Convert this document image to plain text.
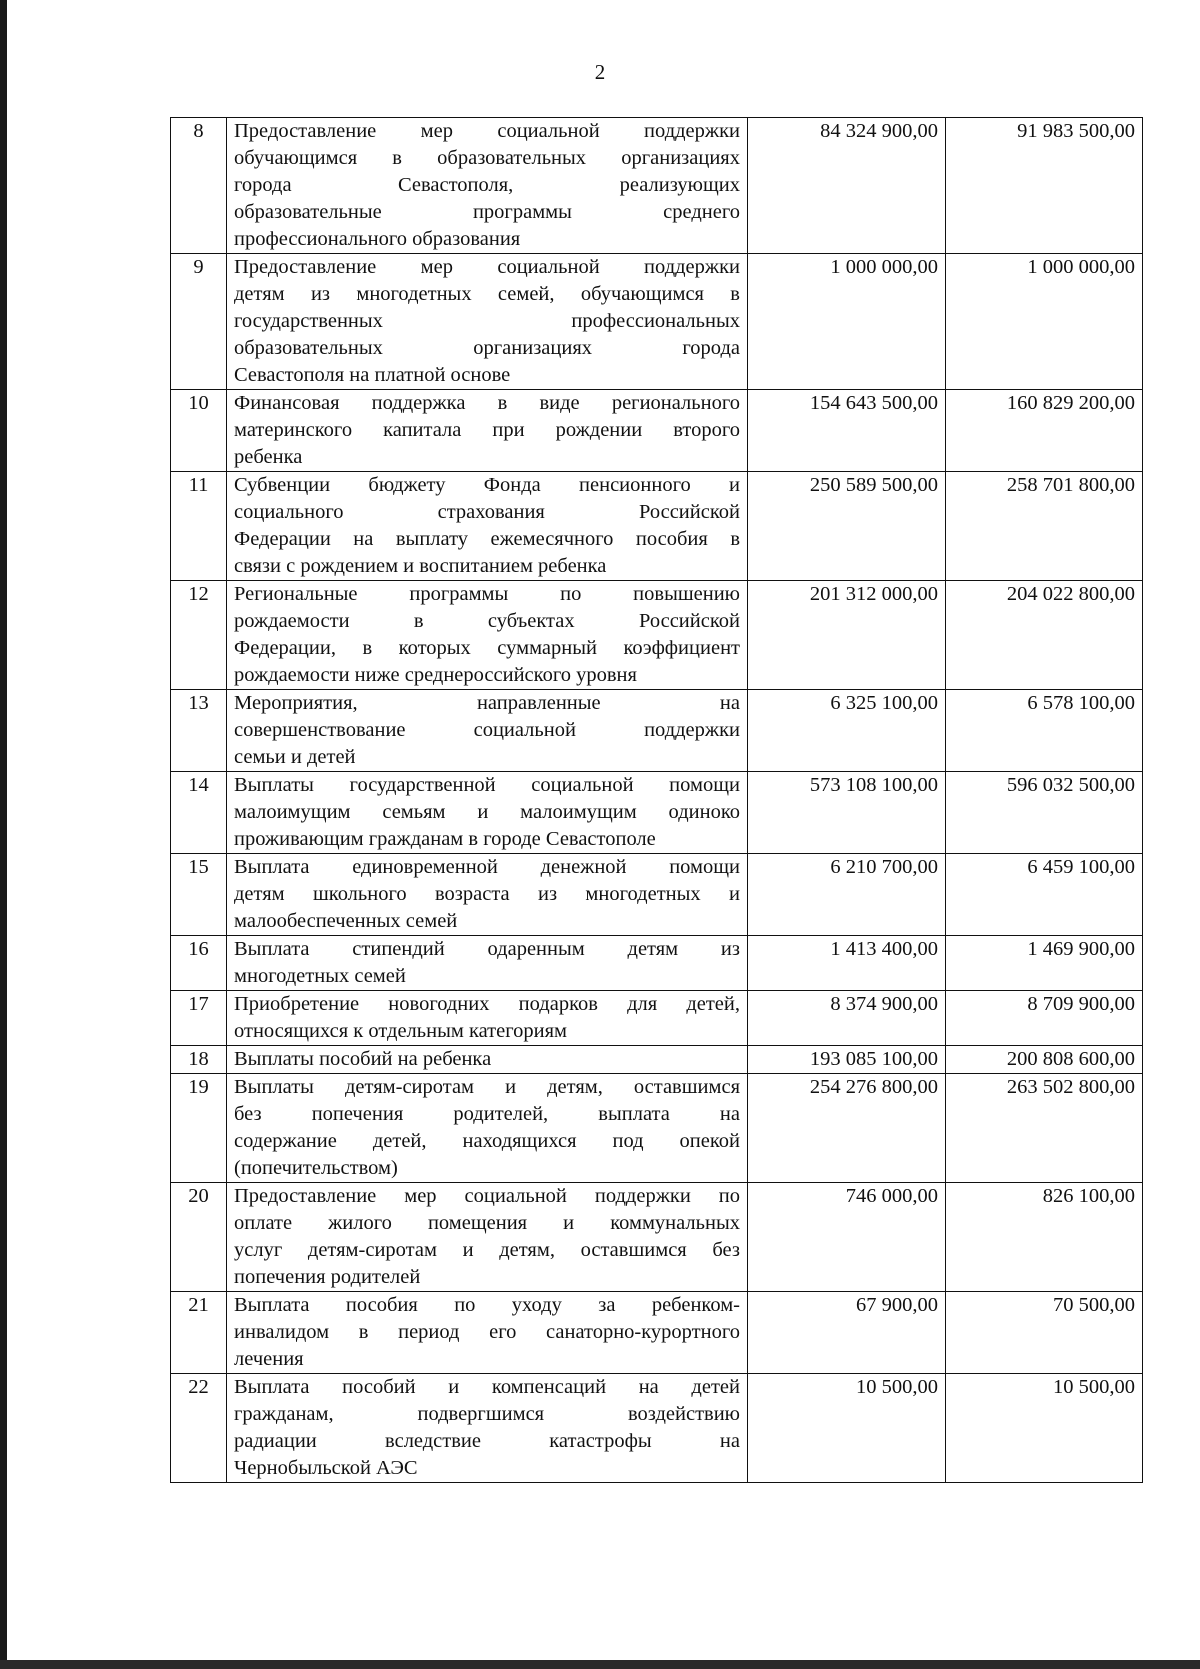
2
8	Предоставление мер социальной поддержки
обучающимся в образовательных организациях
города Севастополя, реализующих
образовательные программы среднего
профессионального образования	84 324 900,00	91 983 500,00
9	Предоставление мер социальной поддержки
детям из многодетных семей, обучающимся в
государственных профессиональных
образовательных организациях города
Севастополя на платной основе	1 000 000,00	1 000 000,00
10	Финансовая поддержка в виде регионального
материнского капитала при рождении второго
ребенка	154 643 500,00	160 829 200,00
11	Субвенции бюджету Фонда пенсионного и
социального страхования Российской
Федерации на выплату ежемесячного пособия в
связи с рождением и воспитанием ребенка	250 589 500,00	258 701 800,00
12	Региональные программы по повышению
рождаемости в субъектах Российской
Федерации, в которых суммарный коэффициент
рождаемости ниже среднероссийского уровня	201 312 000,00	204 022 800,00
13	Мероприятия, направленные на
совершенствование социальной поддержки
семьи и детей	6 325 100,00	6 578 100,00
14	Выплаты государственной социальной помощи
малоимущим семьям и малоимущим одиноко
проживающим гражданам в городе Севастополе	573 108 100,00	596 032 500,00
15	Выплата единовременной денежной помощи
детям школьного возраста из многодетных и
малообеспеченных семей	6 210 700,00	6 459 100,00
16	Выплата стипендий одаренным детям из
многодетных семей	1 413 400,00	1 469 900,00
17	Приобретение новогодних подарков для детей,
относящихся к отдельным категориям	8 374 900,00	8 709 900,00
18	Выплаты пособий на ребенка	193 085 100,00	200 808 600,00
19	Выплаты детям-сиротам и детям, оставшимся
без попечения родителей, выплата на
содержание детей, находящихся под опекой
(попечительством)	254 276 800,00	263 502 800,00
20	Предоставление мер социальной поддержки по
оплате жилого помещения и коммунальных
услуг детям-сиротам и детям, оставшимся без
попечения родителей	746 000,00	826 100,00
21	Выплата пособия по уходу за ребенком-
инвалидом в период его санаторно-курортного
лечения	67 900,00	70 500,00
22	Выплата пособий и компенсаций на детей
гражданам, подвергшимся воздействию
радиации вследствие катастрофы на
Чернобыльской АЭС	10 500,00	10 500,00
